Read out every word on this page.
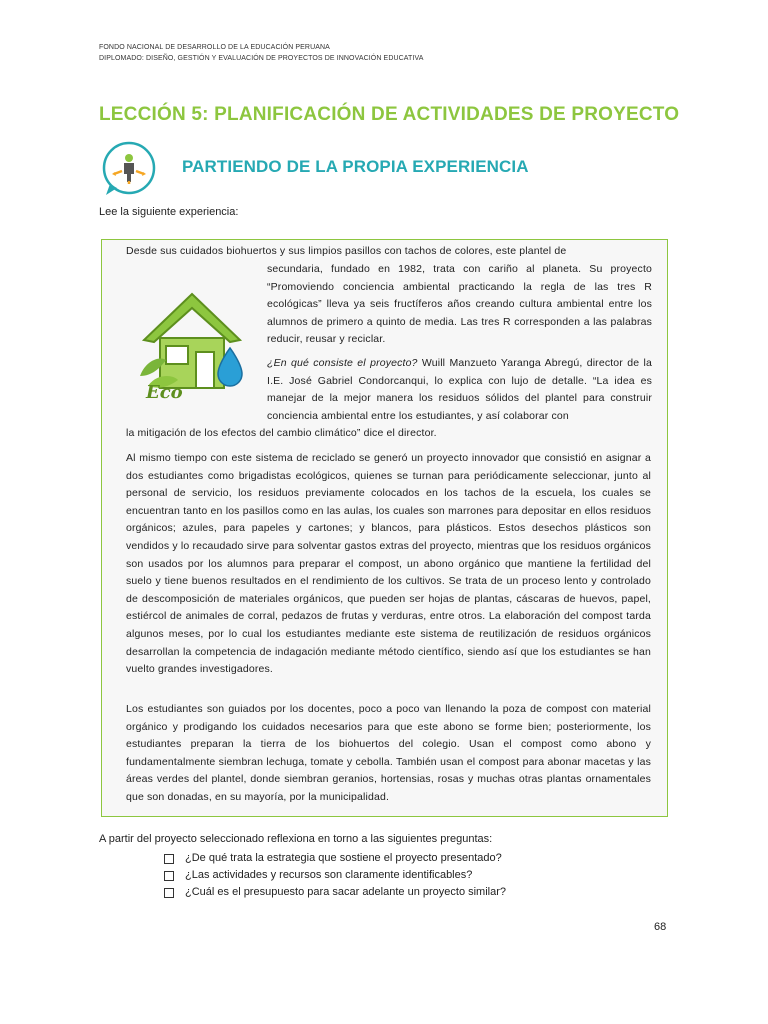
FONDO NACIONAL DE DESARROLLO DE LA EDUCACIÓN PERUANA
DIPLOMADO: DISEÑO, GESTIÓN Y EVALUACIÓN DE PROYECTOS DE INNOVACIÓN EDUCATIVA
LECCIÓN 5: PLANIFICACIÓN DE ACTIVIDADES DE PROYECTO
PARTIENDO DE LA PROPIA EXPERIENCIA
Lee la siguiente experiencia:
Eco
Desde sus cuidados biohuertos y sus limpios pasillos con tachos de colores, este plantel de
secundaria, fundado en 1982, trata con cariño al planeta. Su proyecto “Promoviendo conciencia ambiental practicando la regla de las tres R ecológicas” lleva ya seis fructíferos años creando cultura ambiental entre los alumnos de primero a quinto de media. Las tres R corresponden a las palabras reducir, reusar y reciclar.
¿En qué consiste el proyecto? Wuill Manzueto Yaranga Abregú, director de la I.E. José Gabriel Condorcanqui, lo explica con lujo de detalle. “La idea es manejar de la mejor manera los residuos sólidos del plantel para construir conciencia ambiental entre los estudiantes, y así colaborar con
la mitigación de los efectos del cambio climático” dice el director.
Al mismo tiempo con este sistema de reciclado se generó un proyecto innovador que consistió en asignar a dos estudiantes como brigadistas ecológicos, quienes se turnan para periódicamente seleccionar, junto al personal de servicio, los residuos previamente colocados en los tachos de la escuela, los cuales se encuentran tanto en los pasillos como en las aulas, los cuales son marrones para depositar en ellos residuos orgánicos; azules, para papeles y cartones; y blancos, para plásticos. Estos desechos plásticos son vendidos y lo recaudado sirve para solventar gastos extras del proyecto, mientras que los residuos orgánicos son usados por los alumnos para preparar el compost, un abono orgánico que mantiene la fertilidad del suelo y tiene buenos resultados en el rendimiento de los cultivos. Se trata de un proceso lento y controlado de descomposición de materiales orgánicos, que pueden ser hojas de plantas, cáscaras de huevos, papel, estiércol de animales de corral, pedazos de frutas y verduras, entre otros. La elaboración del compost tarda algunos meses, por lo cual los estudiantes mediante este sistema de reutilización de residuos orgánicos desarrollan la competencia de indagación mediante método científico, siendo así que los estudiantes se han vuelto grandes investigadores.
Los estudiantes son guiados por los docentes, poco a poco van llenando la poza de compost con material orgánico y prodigando los cuidados necesarios para que este abono se forme bien; posteriormente, los estudiantes preparan la tierra de los biohuertos del colegio. Usan el compost como abono y fundamentalmente siembran lechuga, tomate y cebolla. También usan el compost para abonar macetas y las áreas verdes del plantel, donde siembran geranios, hortensias, rosas y muchas otras plantas ornamentales que son donadas, en su mayoría, por la municipalidad.
A partir del proyecto seleccionado reflexiona en torno a las siguientes preguntas:
¿De qué trata la estrategia que sostiene el proyecto presentado?
¿Las actividades y recursos son claramente identificables?
¿Cuál es el presupuesto para sacar adelante un proyecto similar?
68
